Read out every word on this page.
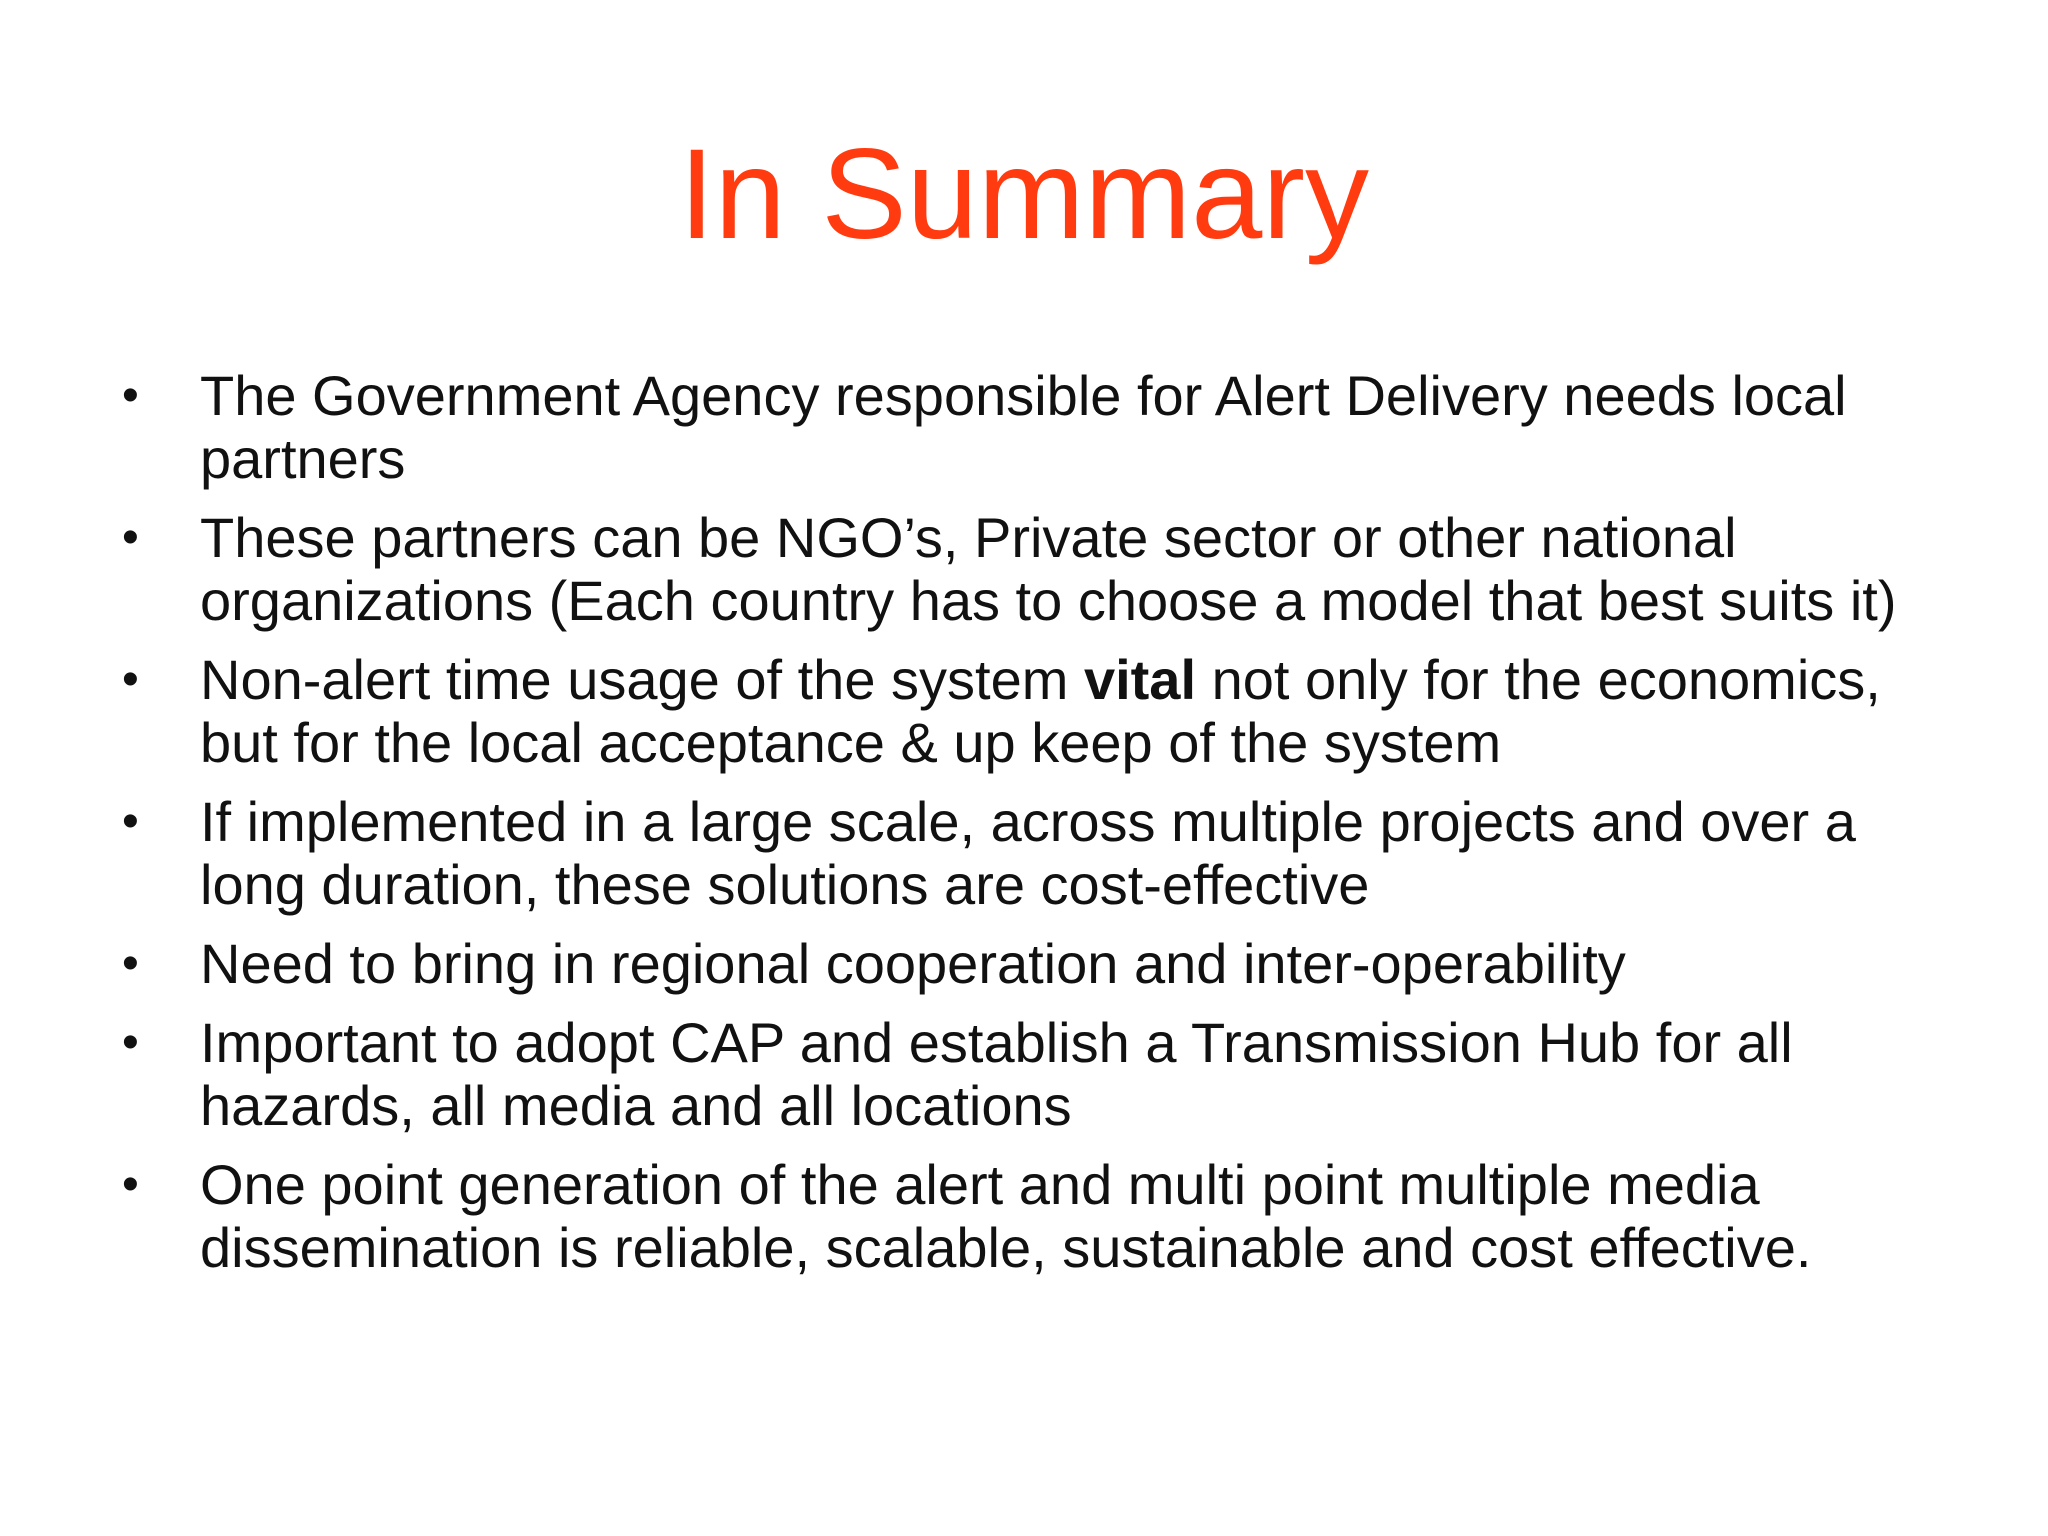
In Summary
• The Government Agency responsible for Alert Delivery needs local partners
• These partners can be NGO’s, Private sector or other national organizations (Each country has to choose a model that best suits it)
• Non-alert time usage of the system vital not only for the economics, but for the local acceptance & up keep of the system
• If implemented in a large scale, across multiple projects and over a long duration, these solutions are cost-effective
• Need to bring in regional cooperation and inter-operability
• Important to adopt CAP and establish a Transmission Hub for all hazards, all media and all locations
• One point generation of the alert and multi point multiple media dissemination is reliable, scalable, sustainable and cost effective.
